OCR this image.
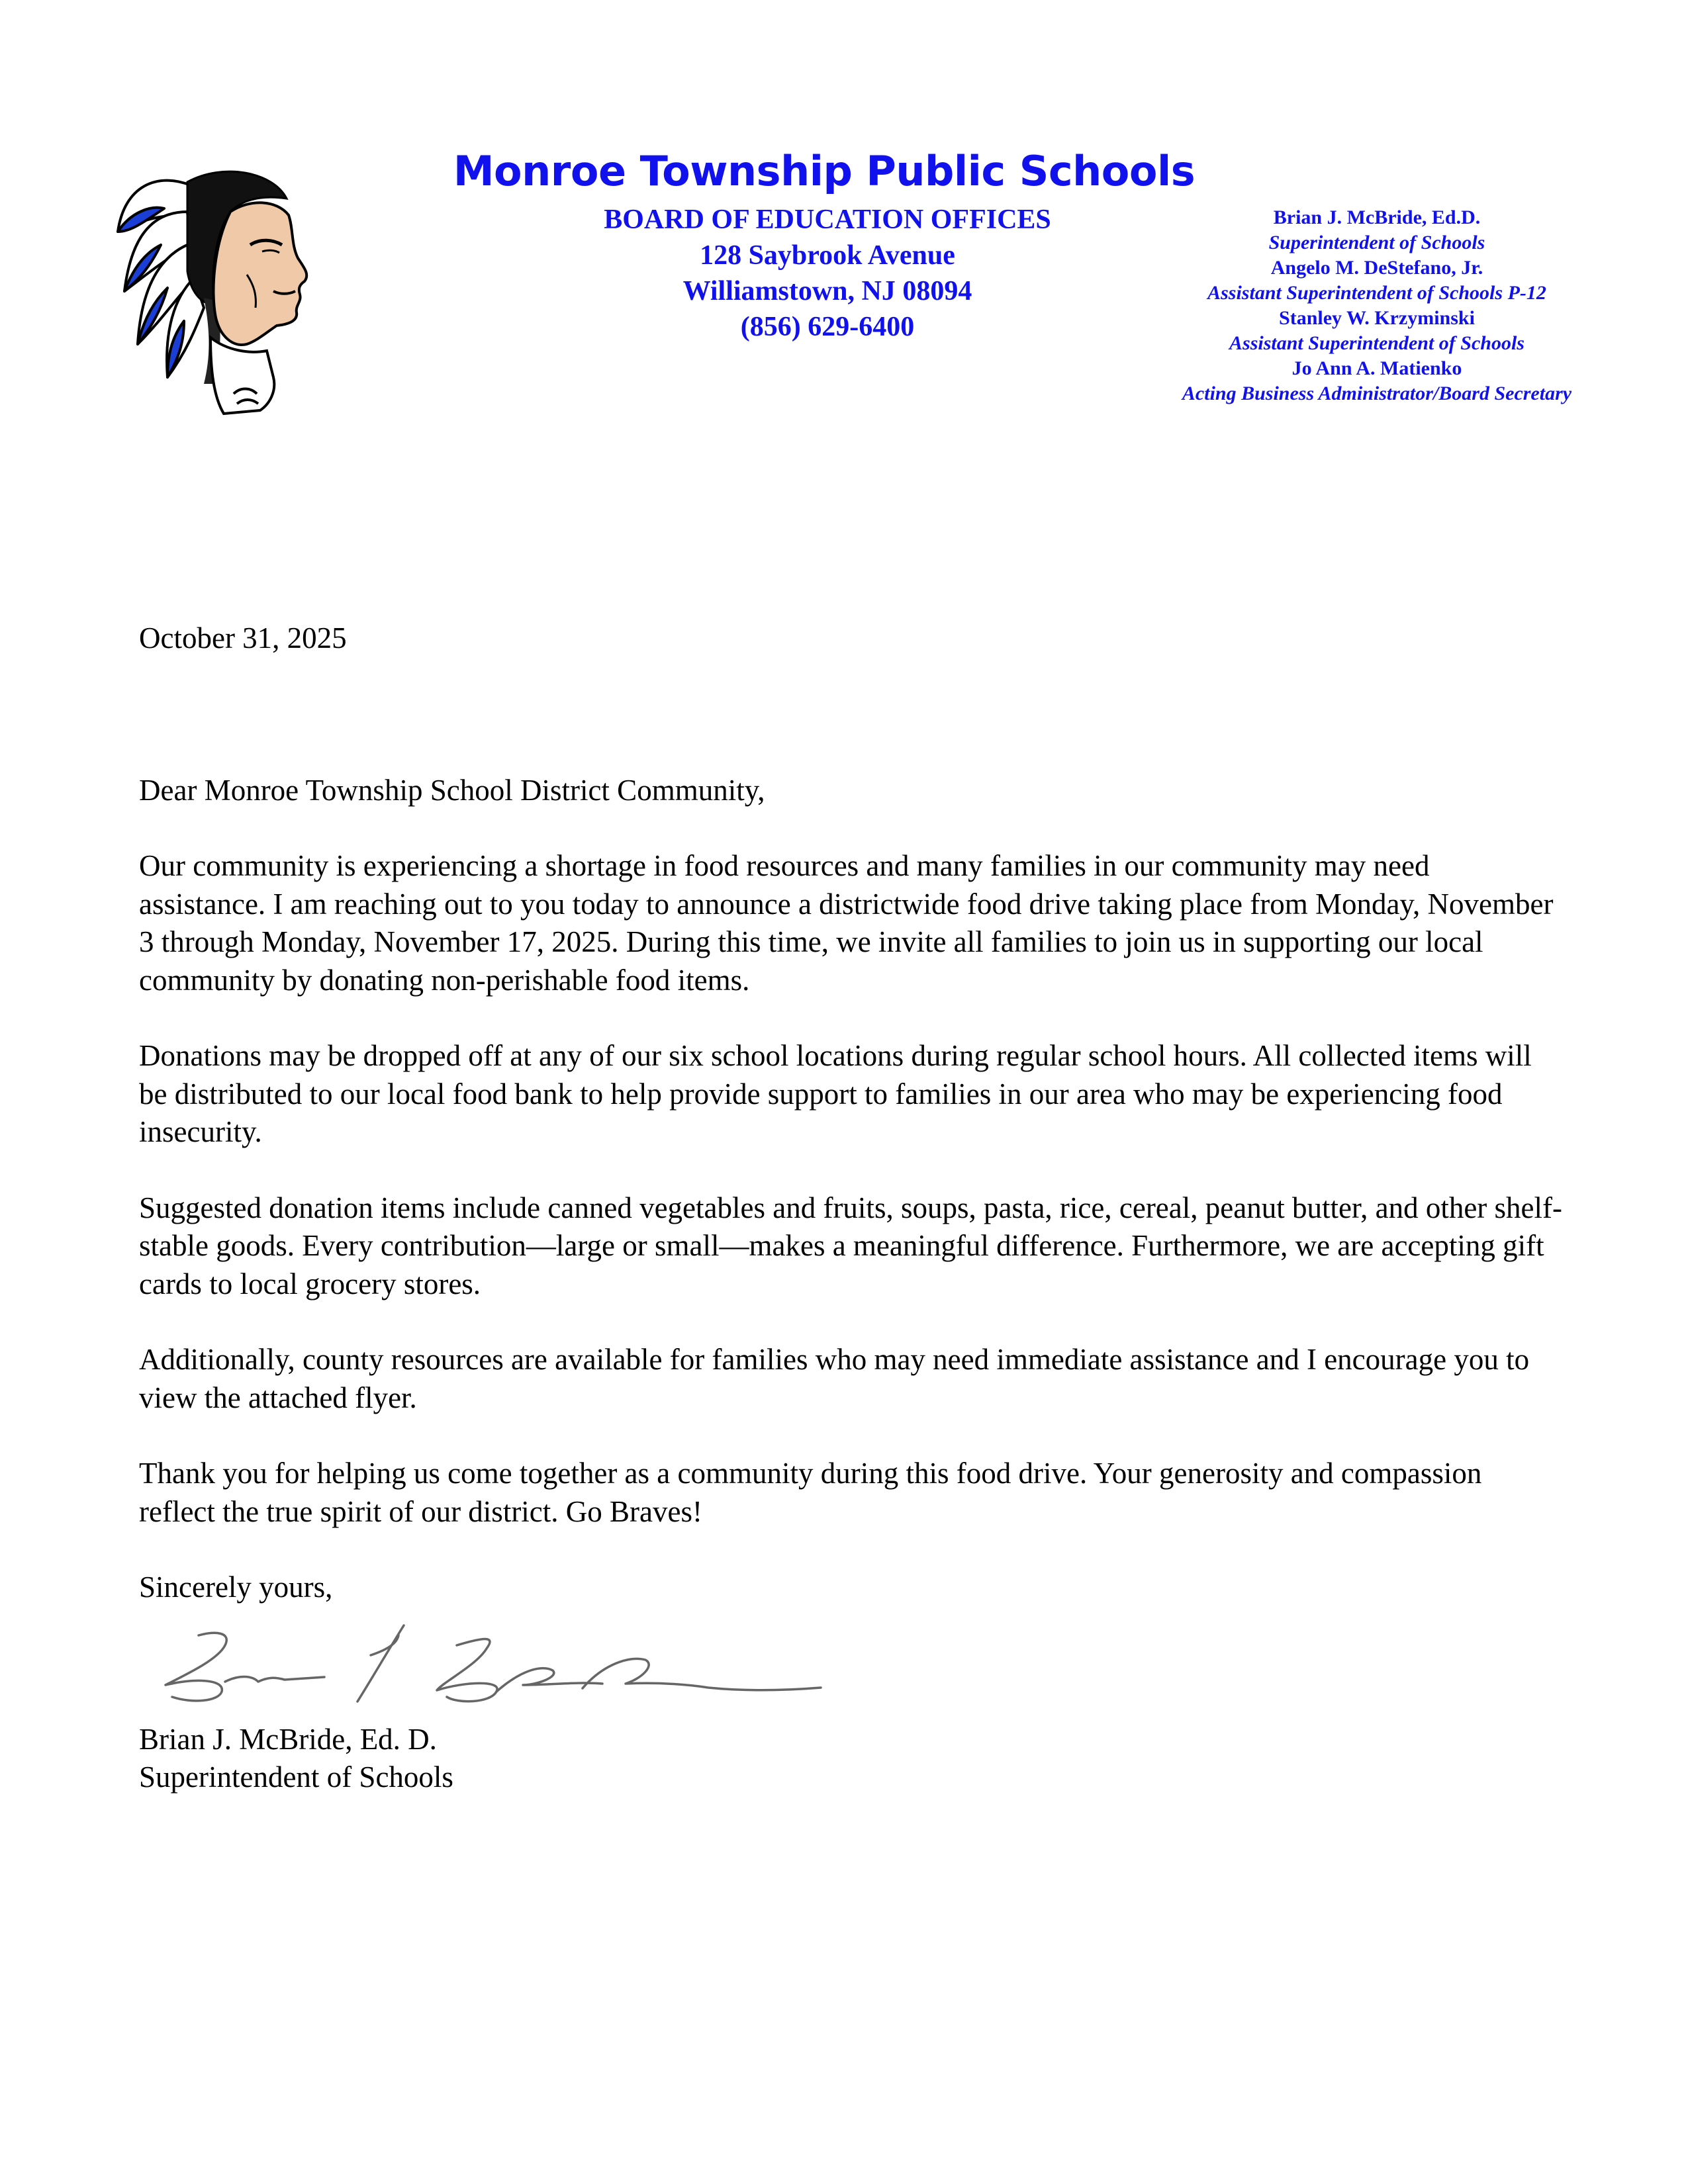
Monroe Township Public Schools
BOARD OF EDUCATION OFFICES
128 Saybrook Avenue
Williamstown, NJ 08094
(856) 629-6400
Brian J. McBride, Ed.D.
Superintendent of Schools
Angelo M. DeStefano, Jr.
Assistant Superintendent of Schools P-12
Stanley W. Krzyminski
Assistant Superintendent of Schools
Jo Ann A. Matienko
Acting Business Administrator/Board Secretary

October 31, 2025

Dear Monroe Township School District Community,

Our community is experiencing a shortage in food resources and many families in our community may need assistance. I am reaching out to you today to announce a districtwide food drive taking place from Monday, November 3 through Monday, November 17, 2025. During this time, we invite all families to join us in supporting our local community by donating non-perishable food items.

Donations may be dropped off at any of our six school locations during regular school hours. All collected items will be distributed to our local food bank to help provide support to families in our area who may be experiencing food insecurity.

Suggested donation items include canned vegetables and fruits, soups, pasta, rice, cereal, peanut butter, and other shelf-stable goods. Every contribution—large or small—makes a meaningful difference. Furthermore, we are accepting gift cards to local grocery stores.

Additionally, county resources are available for families who may need immediate assistance and I encourage you to view the attached flyer.

Thank you for helping us come together as a community during this food drive. Your generosity and compassion reflect the true spirit of our district. Go Braves!

Sincerely yours,

Brian J. McBride, Ed. D.

Superintendent of Schools
